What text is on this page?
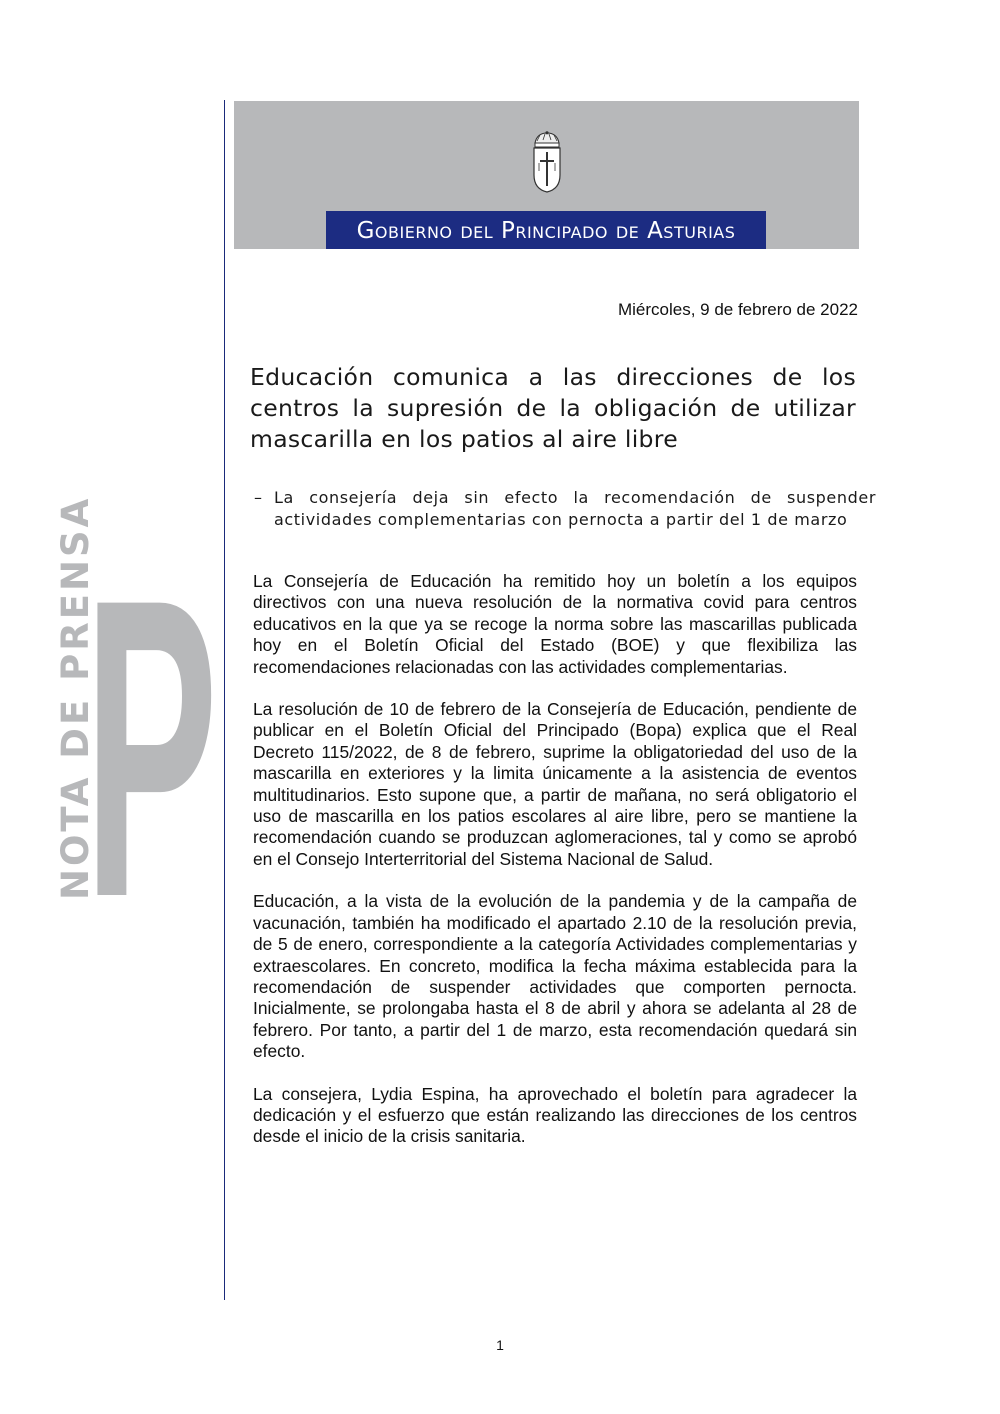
Gobierno del Principado de Asturias
NOTA DE PRENSA
P
Miércoles, 9 de febrero de 2022
Educación comunica a las direcciones de los centros la supresión de la obligación de utilizar mascarilla en los patios al aire libre
– La consejería deja sin efecto la recomendación de suspender actividades complementarias con pernocta a partir del 1 de marzo

La Consejería de Educación ha remitido hoy un boletín a los equipos directivos con una nueva resolución de la normativa covid para centros educativos en la que ya se recoge la norma sobre las mascarillas publicada hoy en el Boletín Oficial del Estado (BOE) y que flexibiliza las recomendaciones relacionadas con las actividades complementarias.

La resolución de 10 de febrero de la Consejería de Educación, pendiente de publicar en el Boletín Oficial del Principado (Bopa) explica que el Real Decreto 115/2022, de 8 de febrero, suprime la obligatoriedad del uso de la mascarilla en exteriores y la limita únicamente a la asistencia de eventos multitudinarios. Esto supone que, a partir de mañana, no será obligatorio el uso de mascarilla en los patios escolares al aire libre, pero se mantiene la recomendación cuando se produzcan aglomeraciones, tal y como se aprobó en el Consejo Interterritorial del Sistema Nacional de Salud.

Educación, a la vista de la evolución de la pandemia y de la campaña de vacunación, también ha modificado el apartado 2.10 de la resolución previa, de 5 de enero, correspondiente a la categoría Actividades complementarias y extraescolares. En concreto, modifica la fecha máxima establecida para la recomendación de suspender actividades que comporten pernocta. Inicialmente, se prolongaba hasta el 8 de abril y ahora se adelanta al 28 de febrero. Por tanto, a partir del 1 de marzo, esta recomendación quedará sin efecto.

La consejera, Lydia Espina, ha aprovechado el boletín para agradecer la dedicación y el esfuerzo que están realizando las direcciones de los centros desde el inicio de la crisis sanitaria.

1
